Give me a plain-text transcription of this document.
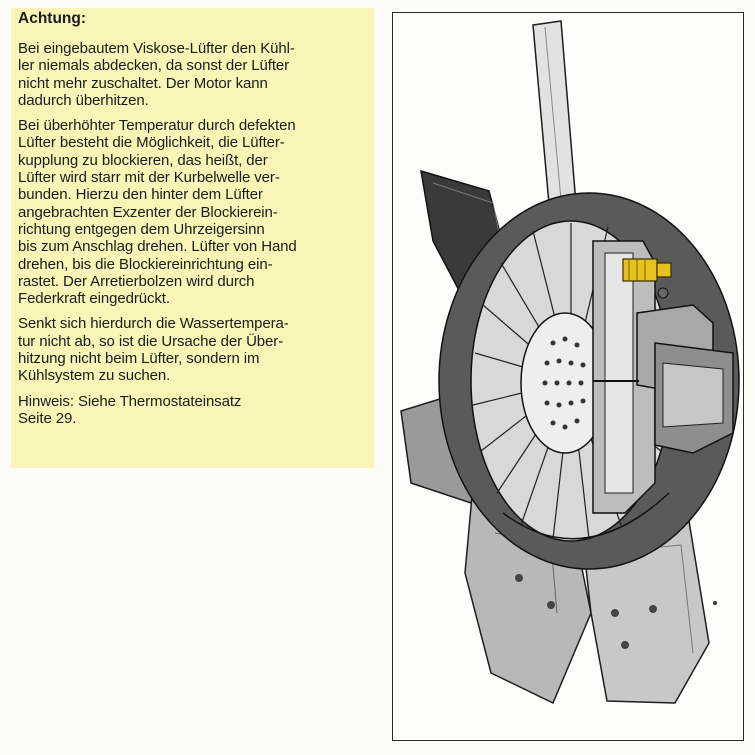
Achtung:

Bei eingebautem Viskose-Lüfter den Kühl-
ler niemals abdecken, da sonst der Lüfter
nicht mehr zuschaltet. Der Motor kann
dadurch überhitzen.

Bei überhöhter Temperatur durch defekten
Lüfter besteht die Möglichkeit, die Lüfter-
kupplung zu blockieren, das heißt, der
Lüfter wird starr mit der Kurbelwelle ver-
bunden. Hierzu den hinter dem Lüfter
angebrachten Exzenter der Blockierein-
richtung entgegen dem Uhrzeigersinn
bis zum Anschlag drehen. Lüfter von Hand
drehen, bis die Blockiereinrichtung ein-
rastet. Der Arretierbolzen wird durch
Federkraft eingedrückt.

Senkt sich hierdurch die Wassertempera-
tur nicht ab, so ist die Ursache der Über-
hitzung nicht beim Lüfter, sondern im
Kühlsystem zu suchen.

Hinweis: Siehe Thermostateinsatz
Seite 29.
